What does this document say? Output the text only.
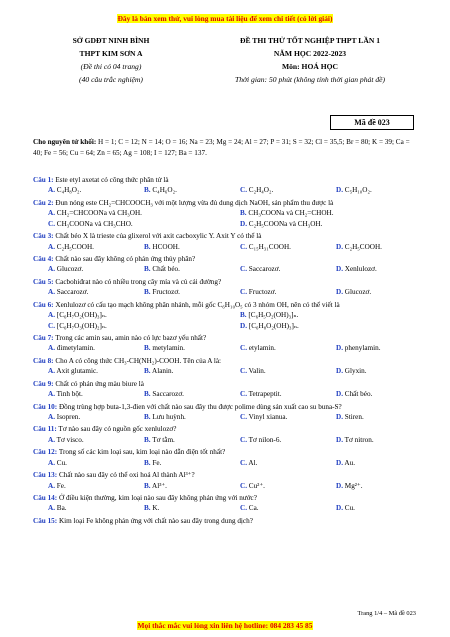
Đây là bản xem thử, vui lòng mua tài liệu để xem chi tiết (có lời giải)
SỞ GDĐT NINH BÌNH
THPT KIM SƠN A
(Đề thi có 04 trang)
(40 câu trắc nghiệm)
ĐỀ THI THỬ TỐT NGHIỆP THPT LẦN 1
NĂM HỌC 2022-2023
Môn: HOÁ HỌC
Thời gian: 50 phút (không tính thời gian phát đề)
Mã đề 023
Cho nguyên tử khối: H = 1; C = 12; N = 14; O = 16; Na = 23; Mg = 24; Al = 27; P = 31; S = 32; Cl = 35,5; Br = 80; K = 39; Ca = 40; Fe = 56; Cu = 64; Zn = 65; Ag = 108; I = 127; Ba = 137.
Câu 1: Este etyl axetat có công thức phân tử là
A. C₄H₈O₂.	B. C₄H₆O₂.	C. C₂H₄O₂.	D. C₅H₁₀O₂.
Câu 2: Đun nóng este CH₂=CHCOOCH₃ với một lượng vừa đủ dung dịch NaOH, sản phẩm thu được là
A. CH₂=CHCOONa và CH₃OH.	B. CH₃COONa và CH₂=CHOH.
C. CH₃COONa và CH₃CHO.	D. C₂H₅COONa và CH₃OH.
Câu 3: Chất béo X là trieste của glixerol với axit cacboxylic Y. Axit Y có thể là
A. C₂H₅COOH.	B. HCOOH.	C. C₁₅H₃₁COOH.	D. C₂H₅COOH.
Câu 4: Chất nào sau đây không có phản ứng thủy phân?
A. Glucozơ.	B. Chất béo.	C. Saccarozơ.	D. Xenlulozơ.
Câu 5: Cacbohiđrat nào có nhiều trong cây mía và củ cải đường?
A. Saccarozơ.	B. Fructozơ.	C. Fructozơ.	D. Glucozơ.
Câu 6: Xenlulozơ có cấu tạo mạch không phân nhánh, mỗi gốc C₆H₁₀O₅ có 3 nhóm OH, nên có thể viết là
A. [C₆H₇O₂(OH)₃]ₙ.	B. [C₆H₅O₂(OH)₃]ₙ.
C. [C₆H₇O₃(OH)₂]ₙ.	D. [C₆H₈O₂(OH)₃]ₙ.
Câu 7: Trong các amin sau, amin nào có lực bazơ yếu nhất?
A. đimetylamin.	B. metylamin.	C. etylamin.	D. phenylamin.
Câu 8: Cho A có công thức CH₃-CH(NH₂)-COOH. Tên của A là:
A. Axit glutamic.	B. Alanin.	C. Valin.	D. Glyxin.
Câu 9: Chất có phản ứng màu biure là
A. Tinh bột.	B. Saccarozơ.	C. Tetrapeptit.	D. Chất béo.
Câu 10: Đồng trùng hợp buta-1,3-đien với chất nào sau đây thu được polime dùng sản xuất cao su buna-S?
A. Isopren.	B. Lưu huỳnh.	C. Vinyl xianua.	D. Stiren.
Câu 11: Tơ nào sau đây có nguồn gốc xenlulozơ?
A. Tơ visco.	B. Tơ tằm.	C. Tơ nilon-6.	D. Tơ nitron.
Câu 12: Trong số các kim loại sau, kim loại nào dẫn điện tốt nhất?
A. Cu.	B. Fe.	C. Al.	D. Au.
Câu 13: Chất nào sau đây có thể oxi hoá Al thành Al³⁺?
A. Fe.	B. Al³⁺.	C. Cu²⁺.	D. Mg²⁺.
Câu 14: Ở điều kiện thường, kim loại nào sau đây không phản ứng với nước?
A. Ba.	B. K.	C. Ca.	D. Cu.
Câu 15: Kim loại Fe không phản ứng với chất nào sau đây trong dung dịch?
Trang 1/4 – Mã đề 023
Mọi thắc mắc vui lòng xin liên hệ hotline: 084 283 45 85
